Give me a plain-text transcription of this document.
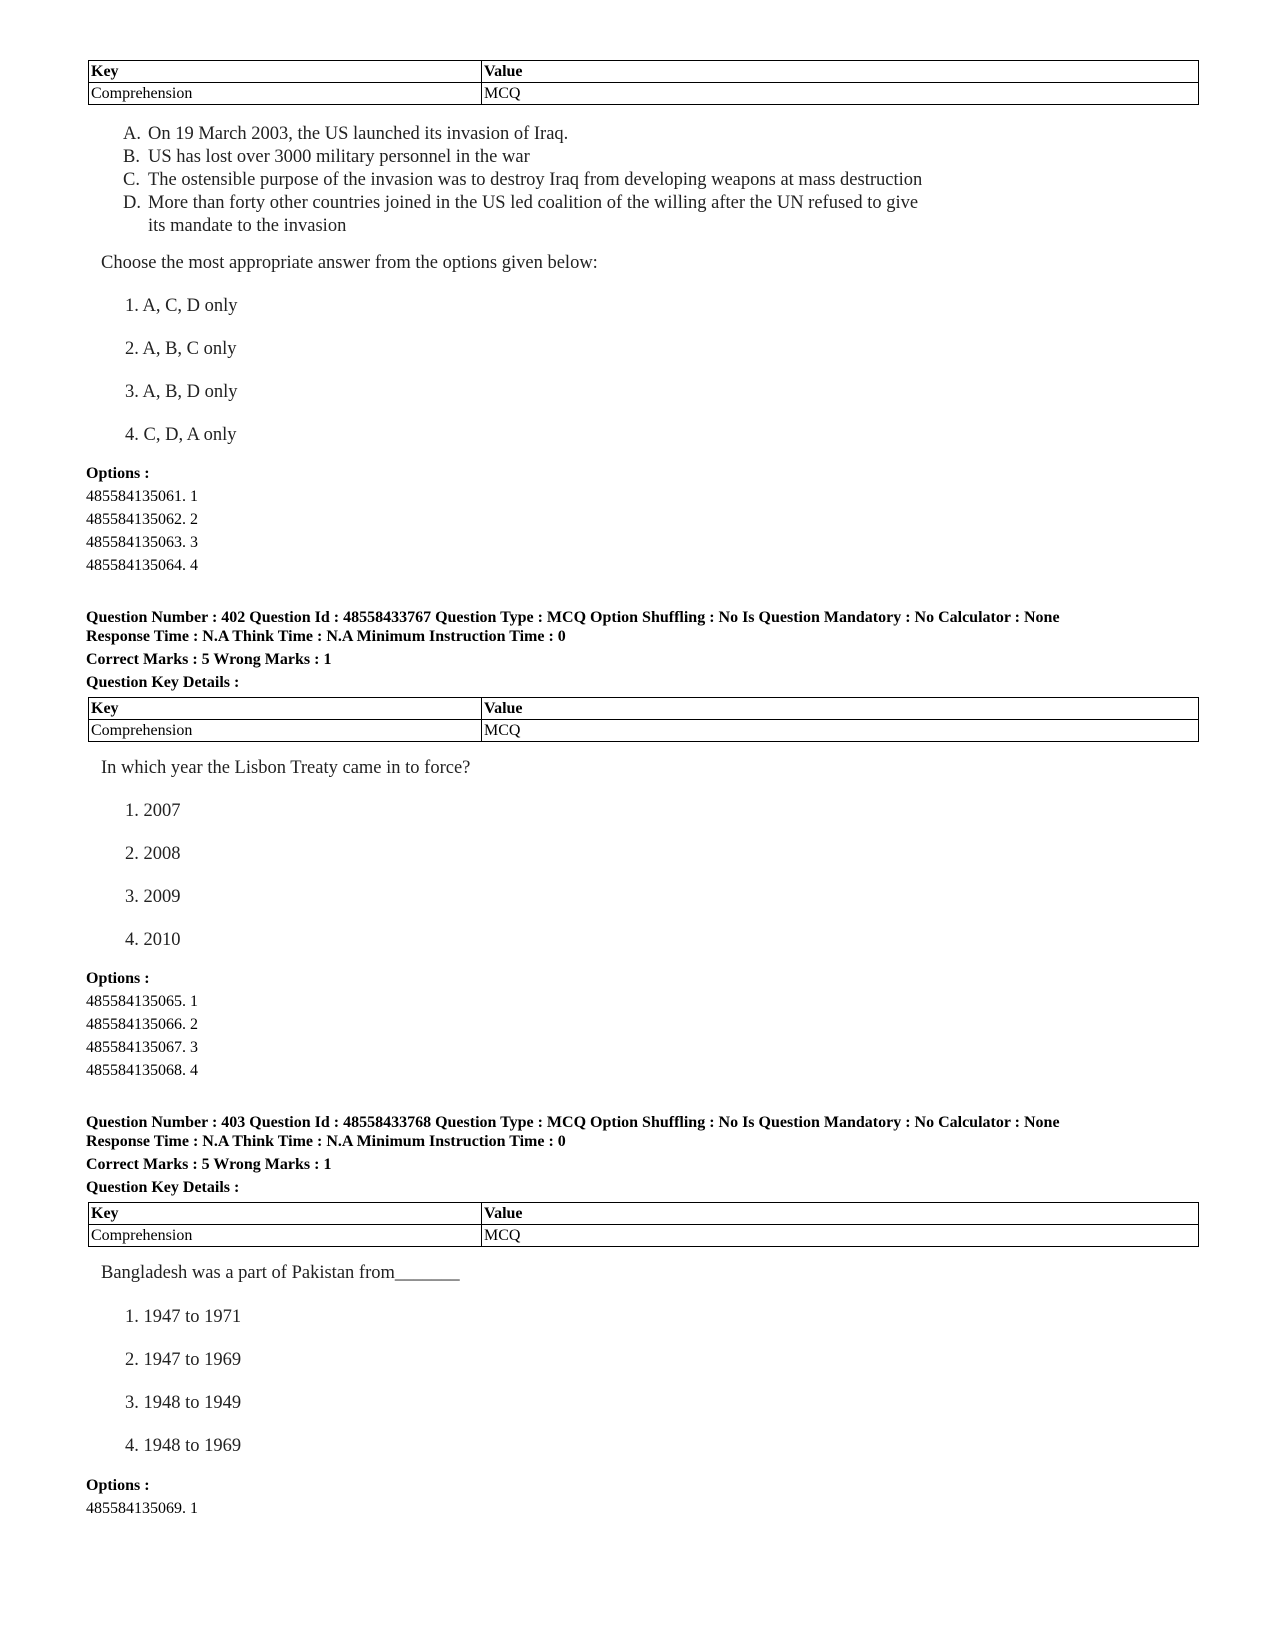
Key	Value
Comprehension	MCQ
A. On 19 March 2003, the US launched its invasion of Iraq.
B. US has lost over 3000 military personnel in the war
C. The ostensible purpose of the invasion was to destroy Iraq from developing weapons at mass destruction
D. More than forty other countries joined in the US led coalition of the willing after the UN refused to give
its mandate to the invasion
Choose the most appropriate answer from the options given below:
1. A, C, D only
2. A, B, C only
3. A, B, D only
4. C, D, A only
Options :
485584135061. 1
485584135062. 2
485584135063. 3
485584135064. 4
Question Number : 402 Question Id : 48558433767 Question Type : MCQ Option Shuffling : No Is Question Mandatory : No Calculator : None
Response Time : N.A Think Time : N.A Minimum Instruction Time : 0
Correct Marks : 5 Wrong Marks : 1
Question Key Details :
Key	Value
Comprehension	MCQ
In which year the Lisbon Treaty came in to force?
1. 2007
2. 2008
3. 2009
4. 2010
Options :
485584135065. 1
485584135066. 2
485584135067. 3
485584135068. 4
Question Number : 403 Question Id : 48558433768 Question Type : MCQ Option Shuffling : No Is Question Mandatory : No Calculator : None
Response Time : N.A Think Time : N.A Minimum Instruction Time : 0
Correct Marks : 5 Wrong Marks : 1
Question Key Details :
Key	Value
Comprehension	MCQ
Bangladesh was a part of Pakistan from_______
1. 1947 to 1971
2. 1947 to 1969
3. 1948 to 1949
4. 1948 to 1969
Options :
485584135069. 1
